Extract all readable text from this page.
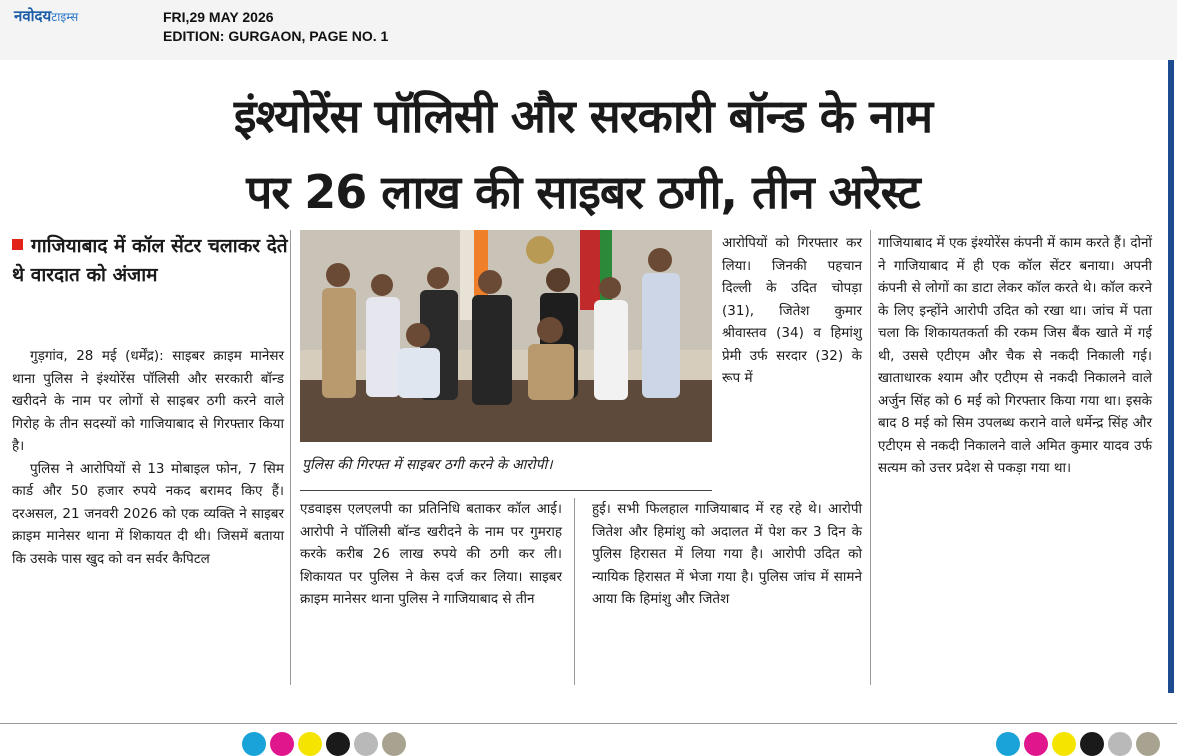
नवोदयटाइम्स	FRI,29 MAY 2026
EDITION: GURGAON, PAGE NO. 1
इंश्योरेंस पॉलिसी और सरकारी बॉन्ड के नाम
पर 26 लाख की साइबर ठगी, तीन अरेस्ट
गाजियाबाद में कॉल सेंटर चलाकर देते थे वारदात को अंजाम

गुड़गांव, 28 मई (धर्मेंद्र): साइबर क्राइम मानेसर थाना पुलिस ने इंश्योरेंस पॉलिसी और सरकारी बॉन्ड खरीदने के नाम पर लोगों से साइबर ठगी करने वाले गिरोह के तीन सदस्यों को गाजियाबाद से गिरफ्तार किया है।

पुलिस ने आरोपियों से 13 मोबाइल फोन, 7 सिम कार्ड और 50 हजार रुपये नकद बरामद किए हैं। दरअसल, 21 जनवरी 2026 को एक व्यक्ति ने साइबर क्राइम मानेसर थाना में शिकायत दी थी। जिसमें बताया कि उसके पास खुद को वन सर्वर कैपिटल

पुलिस की गिरफ्त में साइबर ठगी करने के आरोपी।

एडवाइस एलएलपी का प्रतिनिधि बताकर कॉल आई। आरोपी ने पॉलिसी बॉन्ड खरीदने के नाम पर गुमराह करके करीब 26 लाख रुपये की ठगी कर ली। शिकायत पर पुलिस ने केस दर्ज कर लिया। साइबर क्राइम मानेसर थाना पुलिस ने गाजियाबाद से तीन

आरोपियों को गिरफ्तार कर लिया। जिनकी पहचान दिल्ली के उदित चोपड़ा (31), जितेश कुमार श्रीवास्तव (34) व हिमांशु प्रेमी उर्फ सरदार (32) के रूप में

हुई। सभी फिलहाल गाजियाबाद में रह रहे थे। आरोपी जितेश और हिमांशु को अदालत में पेश कर 3 दिन के पुलिस हिरासत में लिया गया है। आरोपी उदित को न्यायिक हिरासत में भेजा गया है। पुलिस जांच में सामने आया कि हिमांशु और जितेश

गाजियाबाद में एक इंश्योरेंस कंपनी में काम करते हैं। दोनों ने गाजियाबाद में ही एक कॉल सेंटर बनाया। अपनी कंपनी से लोगों का डाटा लेकर कॉल करते थे। कॉल करने के लिए इन्होंने आरोपी उदित को रखा था। जांच में पता चला कि शिकायतकर्ता की रकम जिस बैंक खाते में गई थी, उससे एटीएम और चैक से नकदी निकाली गई। खाताधारक श्याम और एटीएम से नकदी निकालने वाले अर्जुन सिंह को 6 मई को गिरफ्तार किया गया था। इसके बाद 8 मई को सिम उपलब्ध कराने वाले धर्मेन्द्र सिंह और एटीएम से नकदी निकालने वाले अमित कुमार यादव उर्फ सत्यम को उत्तर प्रदेश से पकड़ा गया था।
